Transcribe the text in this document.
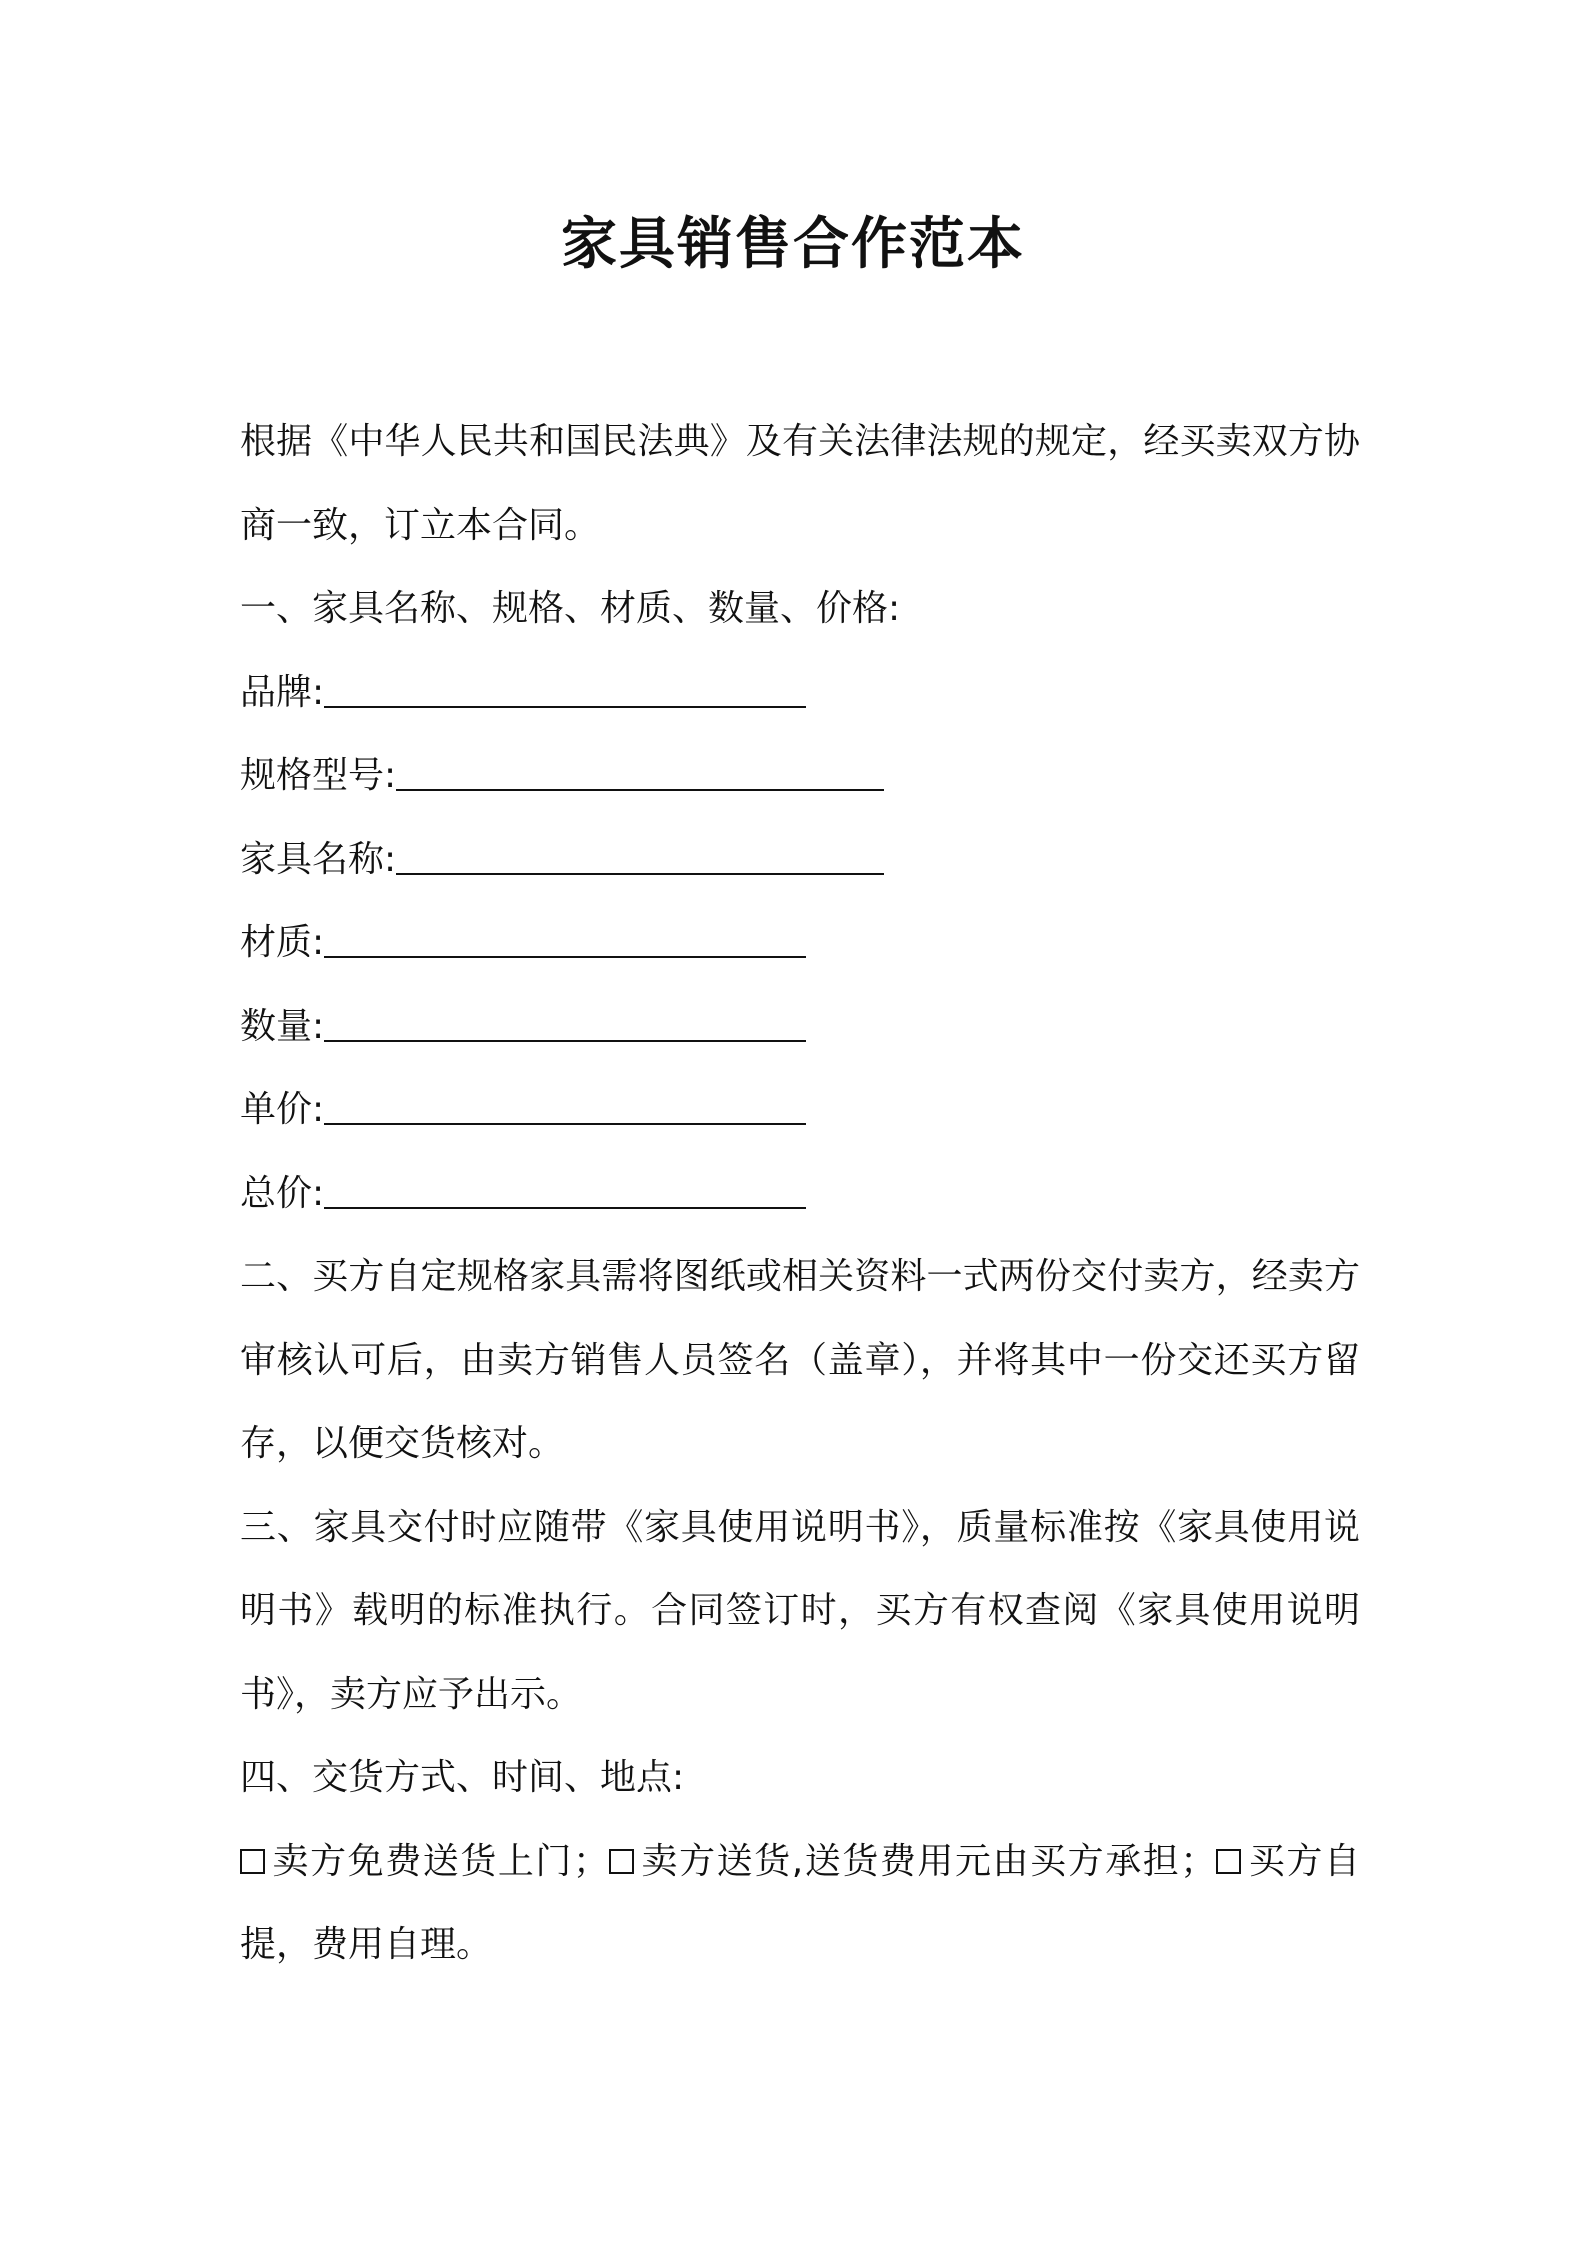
家具销售合作范本

根据《中华人民共和国民法典》及有关法律法规的规定，经买卖双方协商一致，订立本合同。

一、家具名称、规格、材质、数量、价格:

品牌:
规格型号:
家具名称:
材质:
数量:
单价:
总价:

二、买方自定规格家具需将图纸或相关资料一式两份交付卖方，经卖方审核认可后，由卖方销售人员签名（盖章），并将其中一份交还买方留存，以便交货核对。

三、家具交付时应随带《家具使用说明书》，质量标准按《家具使用说明书》载明的标准执行。合同签订时，买方有权查阅《家具使用说明书》，卖方应予出示。

四、交货方式、时间、地点:

卖方免费送货上门； 卖方送货,送货费用元由买方承担； 买方自提，费用自理。
